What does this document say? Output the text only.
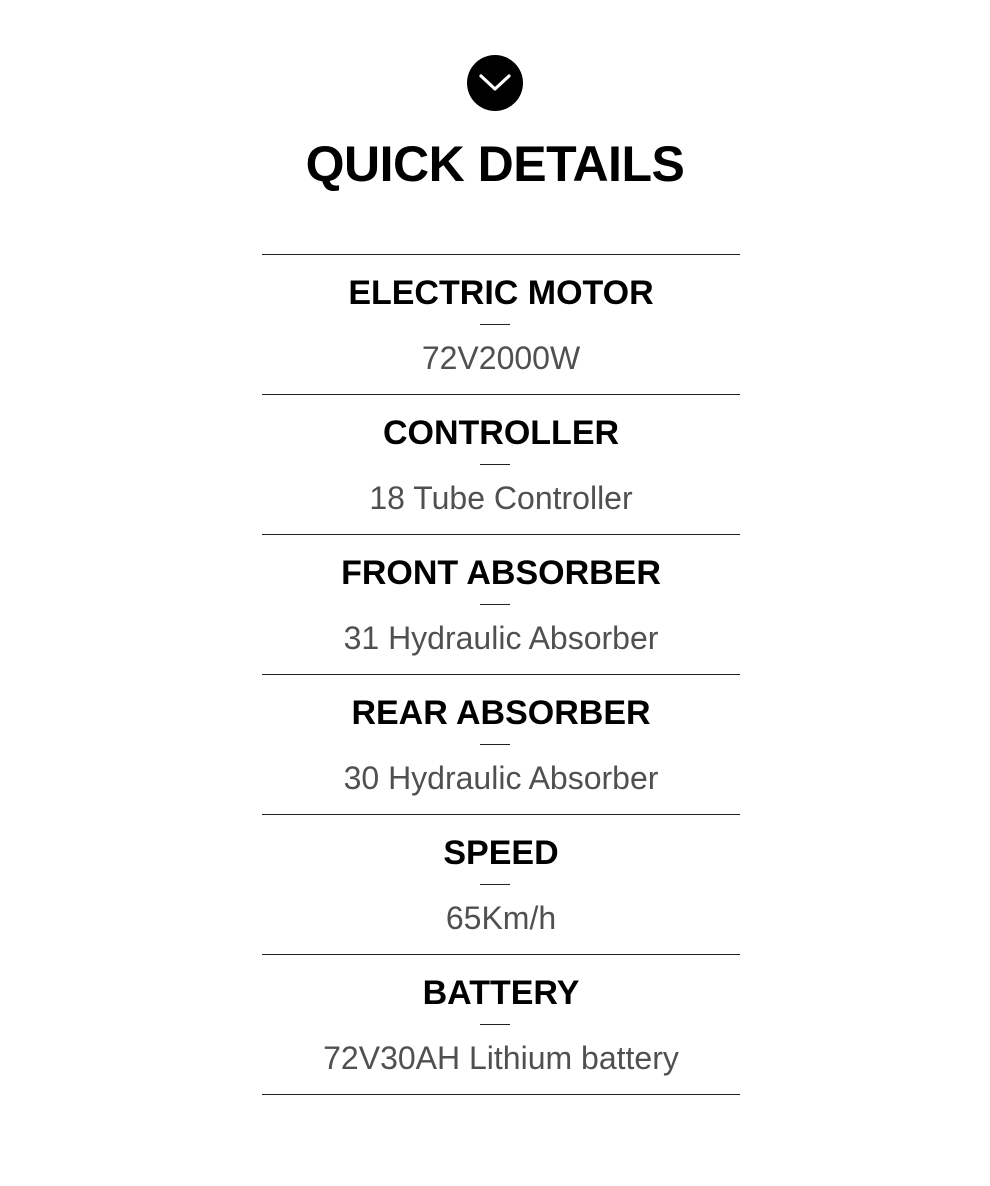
QUICK DETAILS
ELECTRIC MOTOR
72V2000W
CONTROLLER
18 Tube Controller
FRONT ABSORBER
31 Hydraulic Absorber
REAR ABSORBER
30 Hydraulic Absorber
SPEED
65Km/h
BATTERY
72V30AH Lithium battery
